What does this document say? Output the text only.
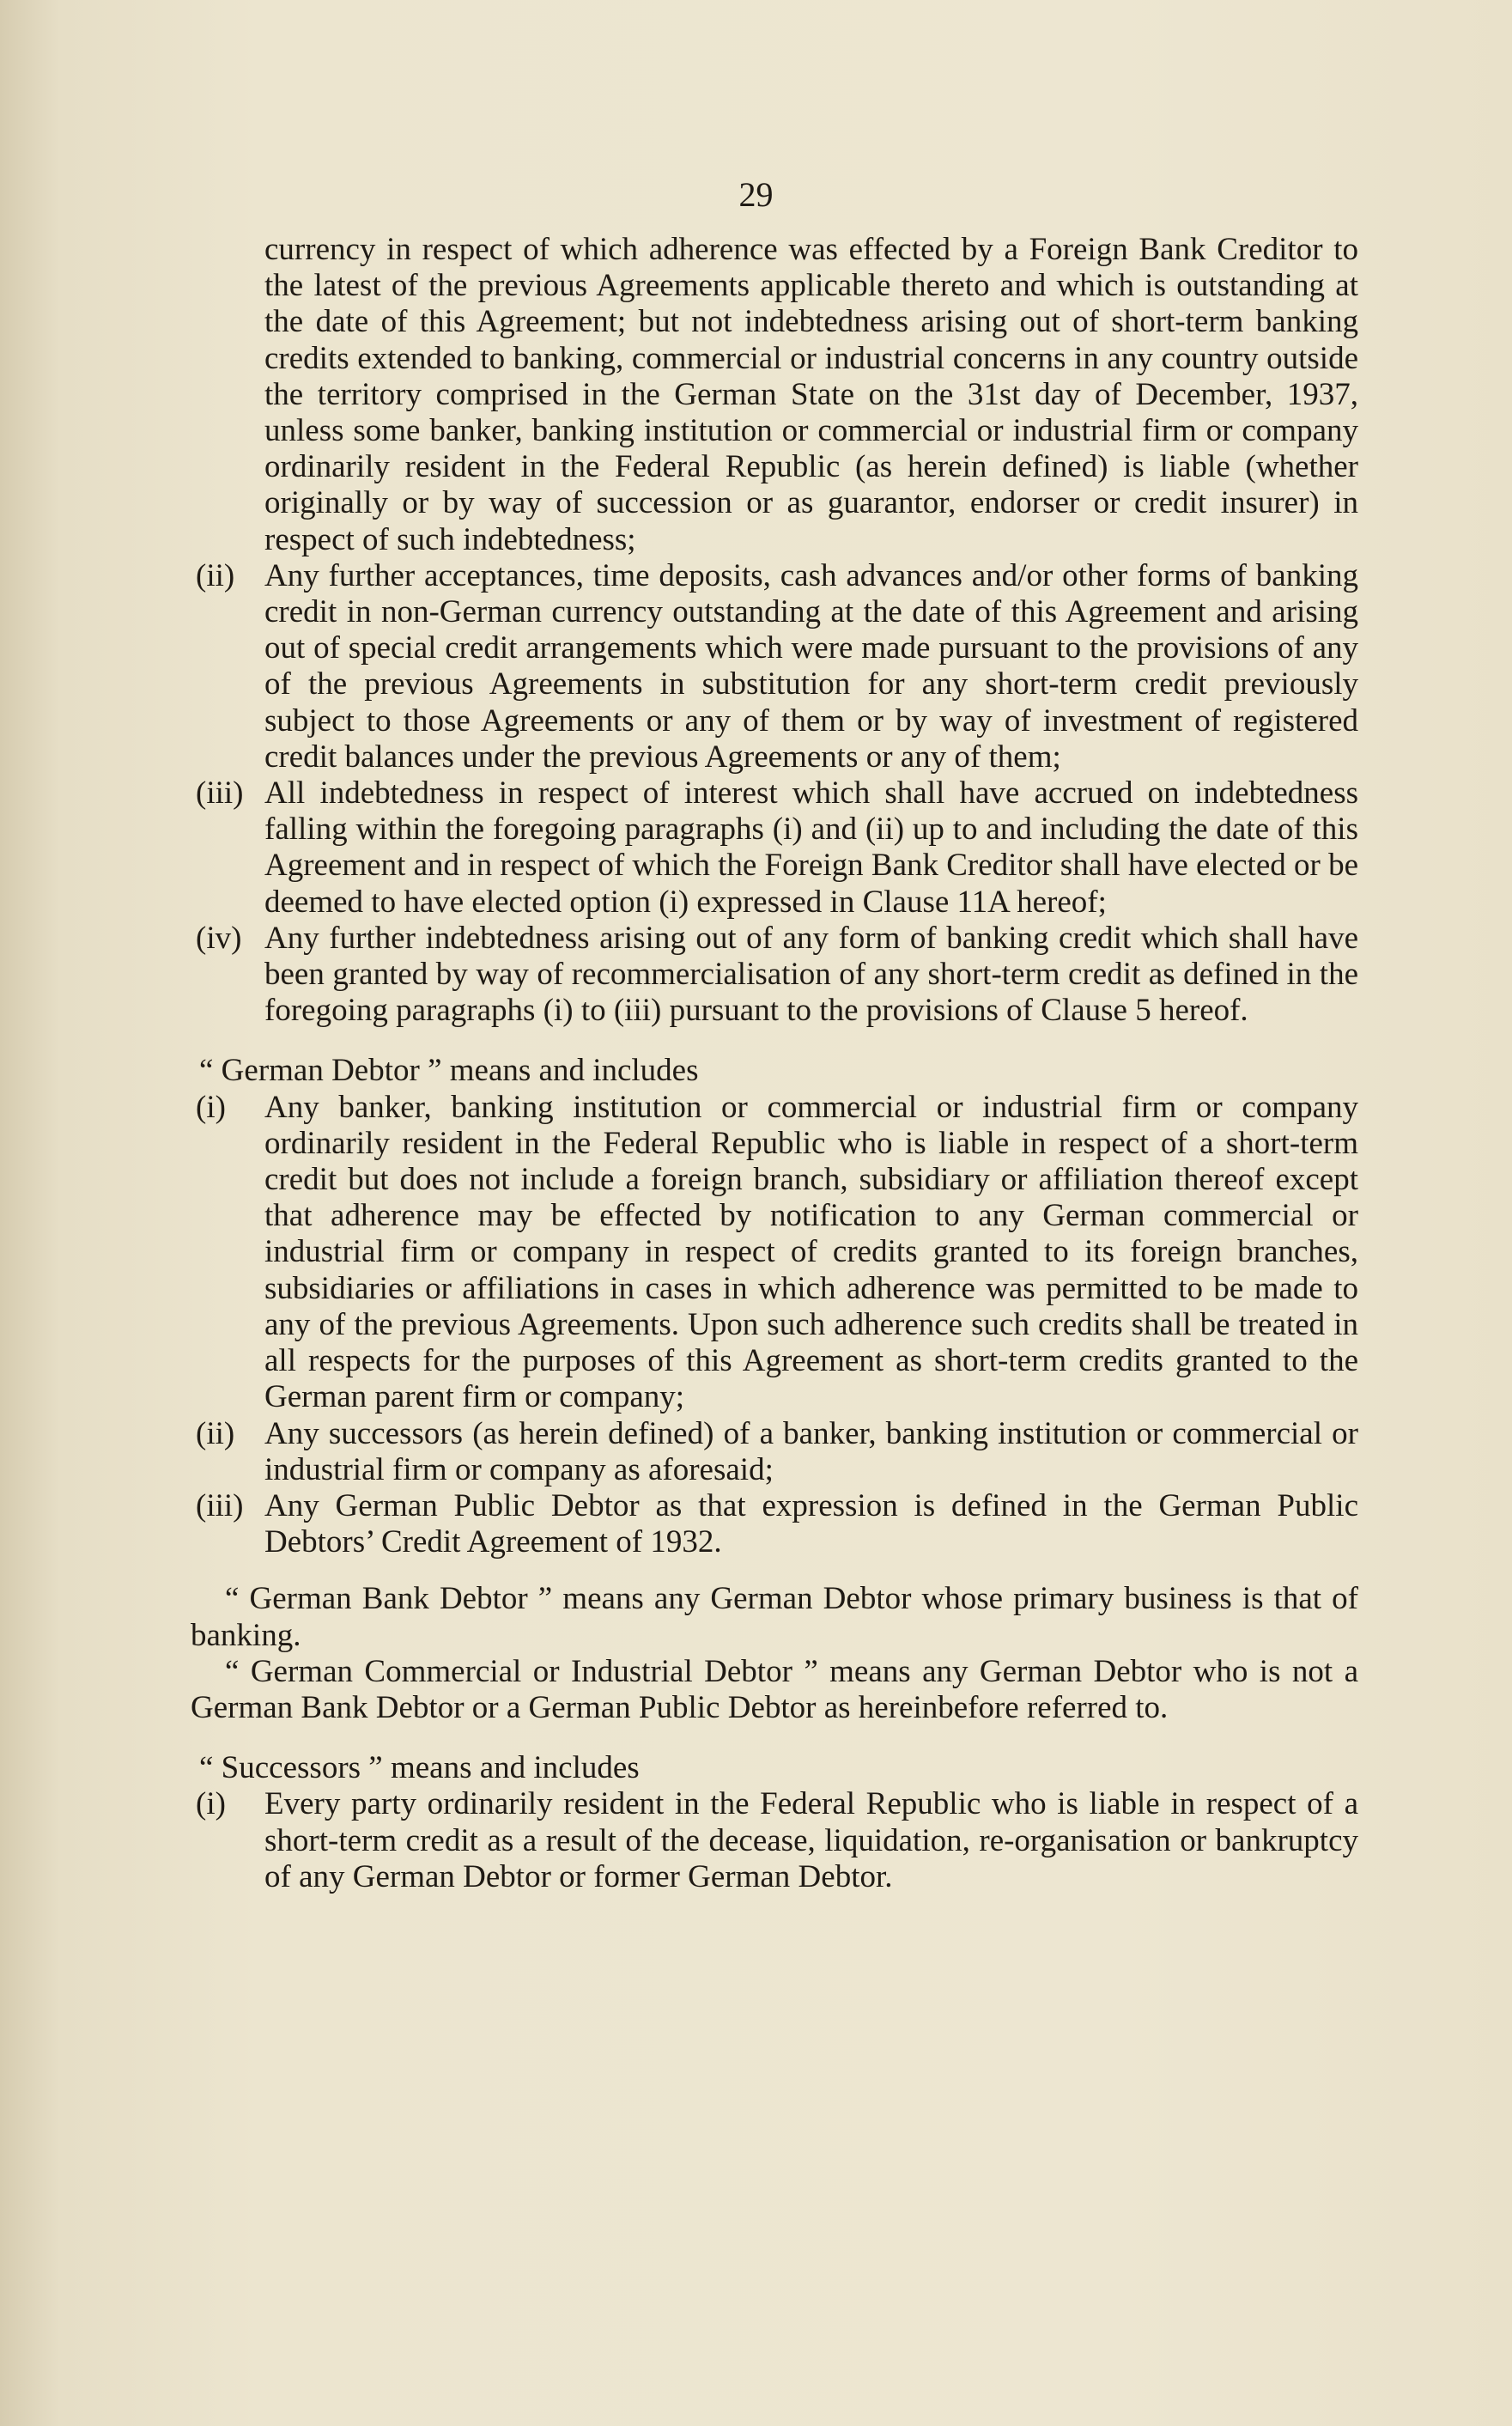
29
currency in respect of which adherence was effected by a Foreign Bank Creditor to the latest of the previous Agreements applicable thereto and which is outstanding at the date of this Agreement; but not indebtedness arising out of short-term banking credits extended to banking, commercial or industrial concerns in any country outside the territory comprised in the German State on the 31st day of December, 1937, unless some banker, banking institution or commercial or industrial firm or company ordinarily resident in the Federal Republic (as herein defined) is liable (whether originally or by way of succession or as guarantor, endorser or credit insurer) in respect of such indebtedness;
(ii) Any further acceptances, time deposits, cash advances and/or other forms of banking credit in non-German currency outstanding at the date of this Agreement and arising out of special credit arrangements which were made pursuant to the provisions of any of the previous Agreements in substitution for any short-term credit previously subject to those Agreements or any of them or by way of investment of registered credit balances under the previous Agreements or any of them;
(iii) All indebtedness in respect of interest which shall have accrued on indebtedness falling within the foregoing paragraphs (i) and (ii) up to and including the date of this Agreement and in respect of which the Foreign Bank Creditor shall have elected or be deemed to have elected option (i) expressed in Clause 11A hereof;
(iv) Any further indebtedness arising out of any form of banking credit which shall have been granted by way of recommercialisation of any short-term credit as defined in the foregoing paragraphs (i) to (iii) pursuant to the provisions of Clause 5 hereof.
“ German Debtor ” means and includes
(i) Any banker, banking institution or commercial or industrial firm or company ordinarily resident in the Federal Republic who is liable in respect of a short-term credit but does not include a foreign branch, subsidiary or affiliation thereof except that adherence may be effected by notification to any German commercial or industrial firm or company in respect of credits granted to its foreign branches, subsidiaries or affiliations in cases in which adherence was permitted to be made to any of the previous Agreements. Upon such adherence such credits shall be treated in all respects for the purposes of this Agreement as short-term credits granted to the German parent firm or company;
(ii) Any successors (as herein defined) of a banker, banking institution or commercial or industrial firm or company as aforesaid;
(iii) Any German Public Debtor as that expression is defined in the German Public Debtors’ Credit Agreement of 1932.
“ German Bank Debtor ” means any German Debtor whose primary business is that of banking.
“ German Commercial or Industrial Debtor ” means any German Debtor who is not a German Bank Debtor or a German Public Debtor as hereinbefore referred to.
“ Successors ” means and includes
(i) Every party ordinarily resident in the Federal Republic who is liable in respect of a short-term credit as a result of the decease, liquidation, re-organisation or bankruptcy of any German Debtor or former German Debtor.
